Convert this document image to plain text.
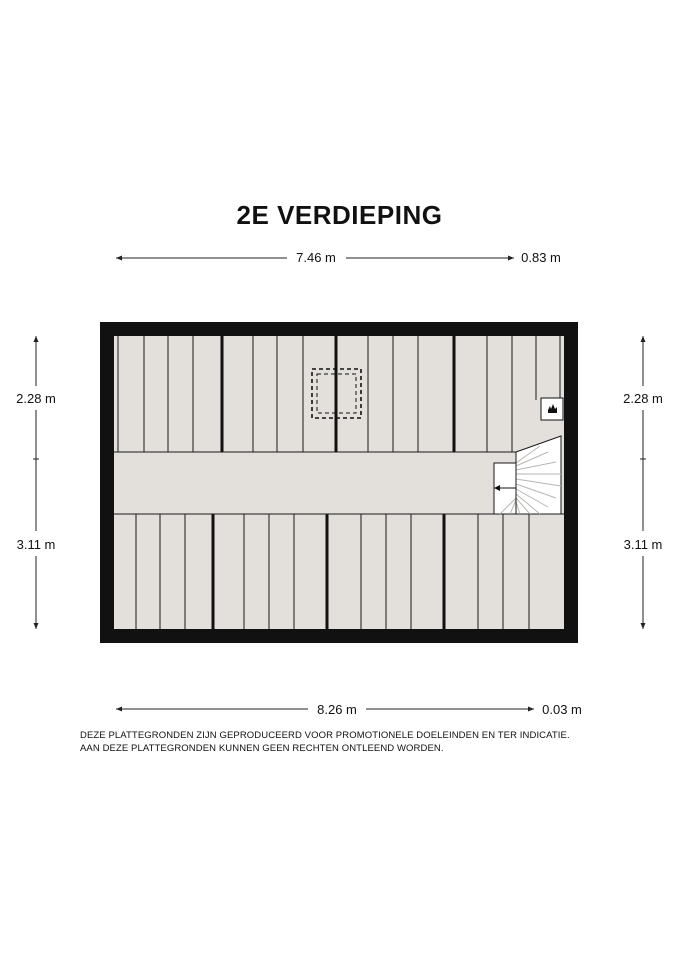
2E VERDIEPING
7.46 m	0.83 m
8.26 m	0.03 m
2.28 m
3.11 m
2.28 m
3.11 m
DEZE PLATTEGRONDEN ZIJN GEPRODUCEERD VOOR PROMOTIONELE DOELEINDEN EN TER INDICATIE.
AAN DEZE PLATTEGRONDEN KUNNEN GEEN RECHTEN ONTLEEND WORDEN.
